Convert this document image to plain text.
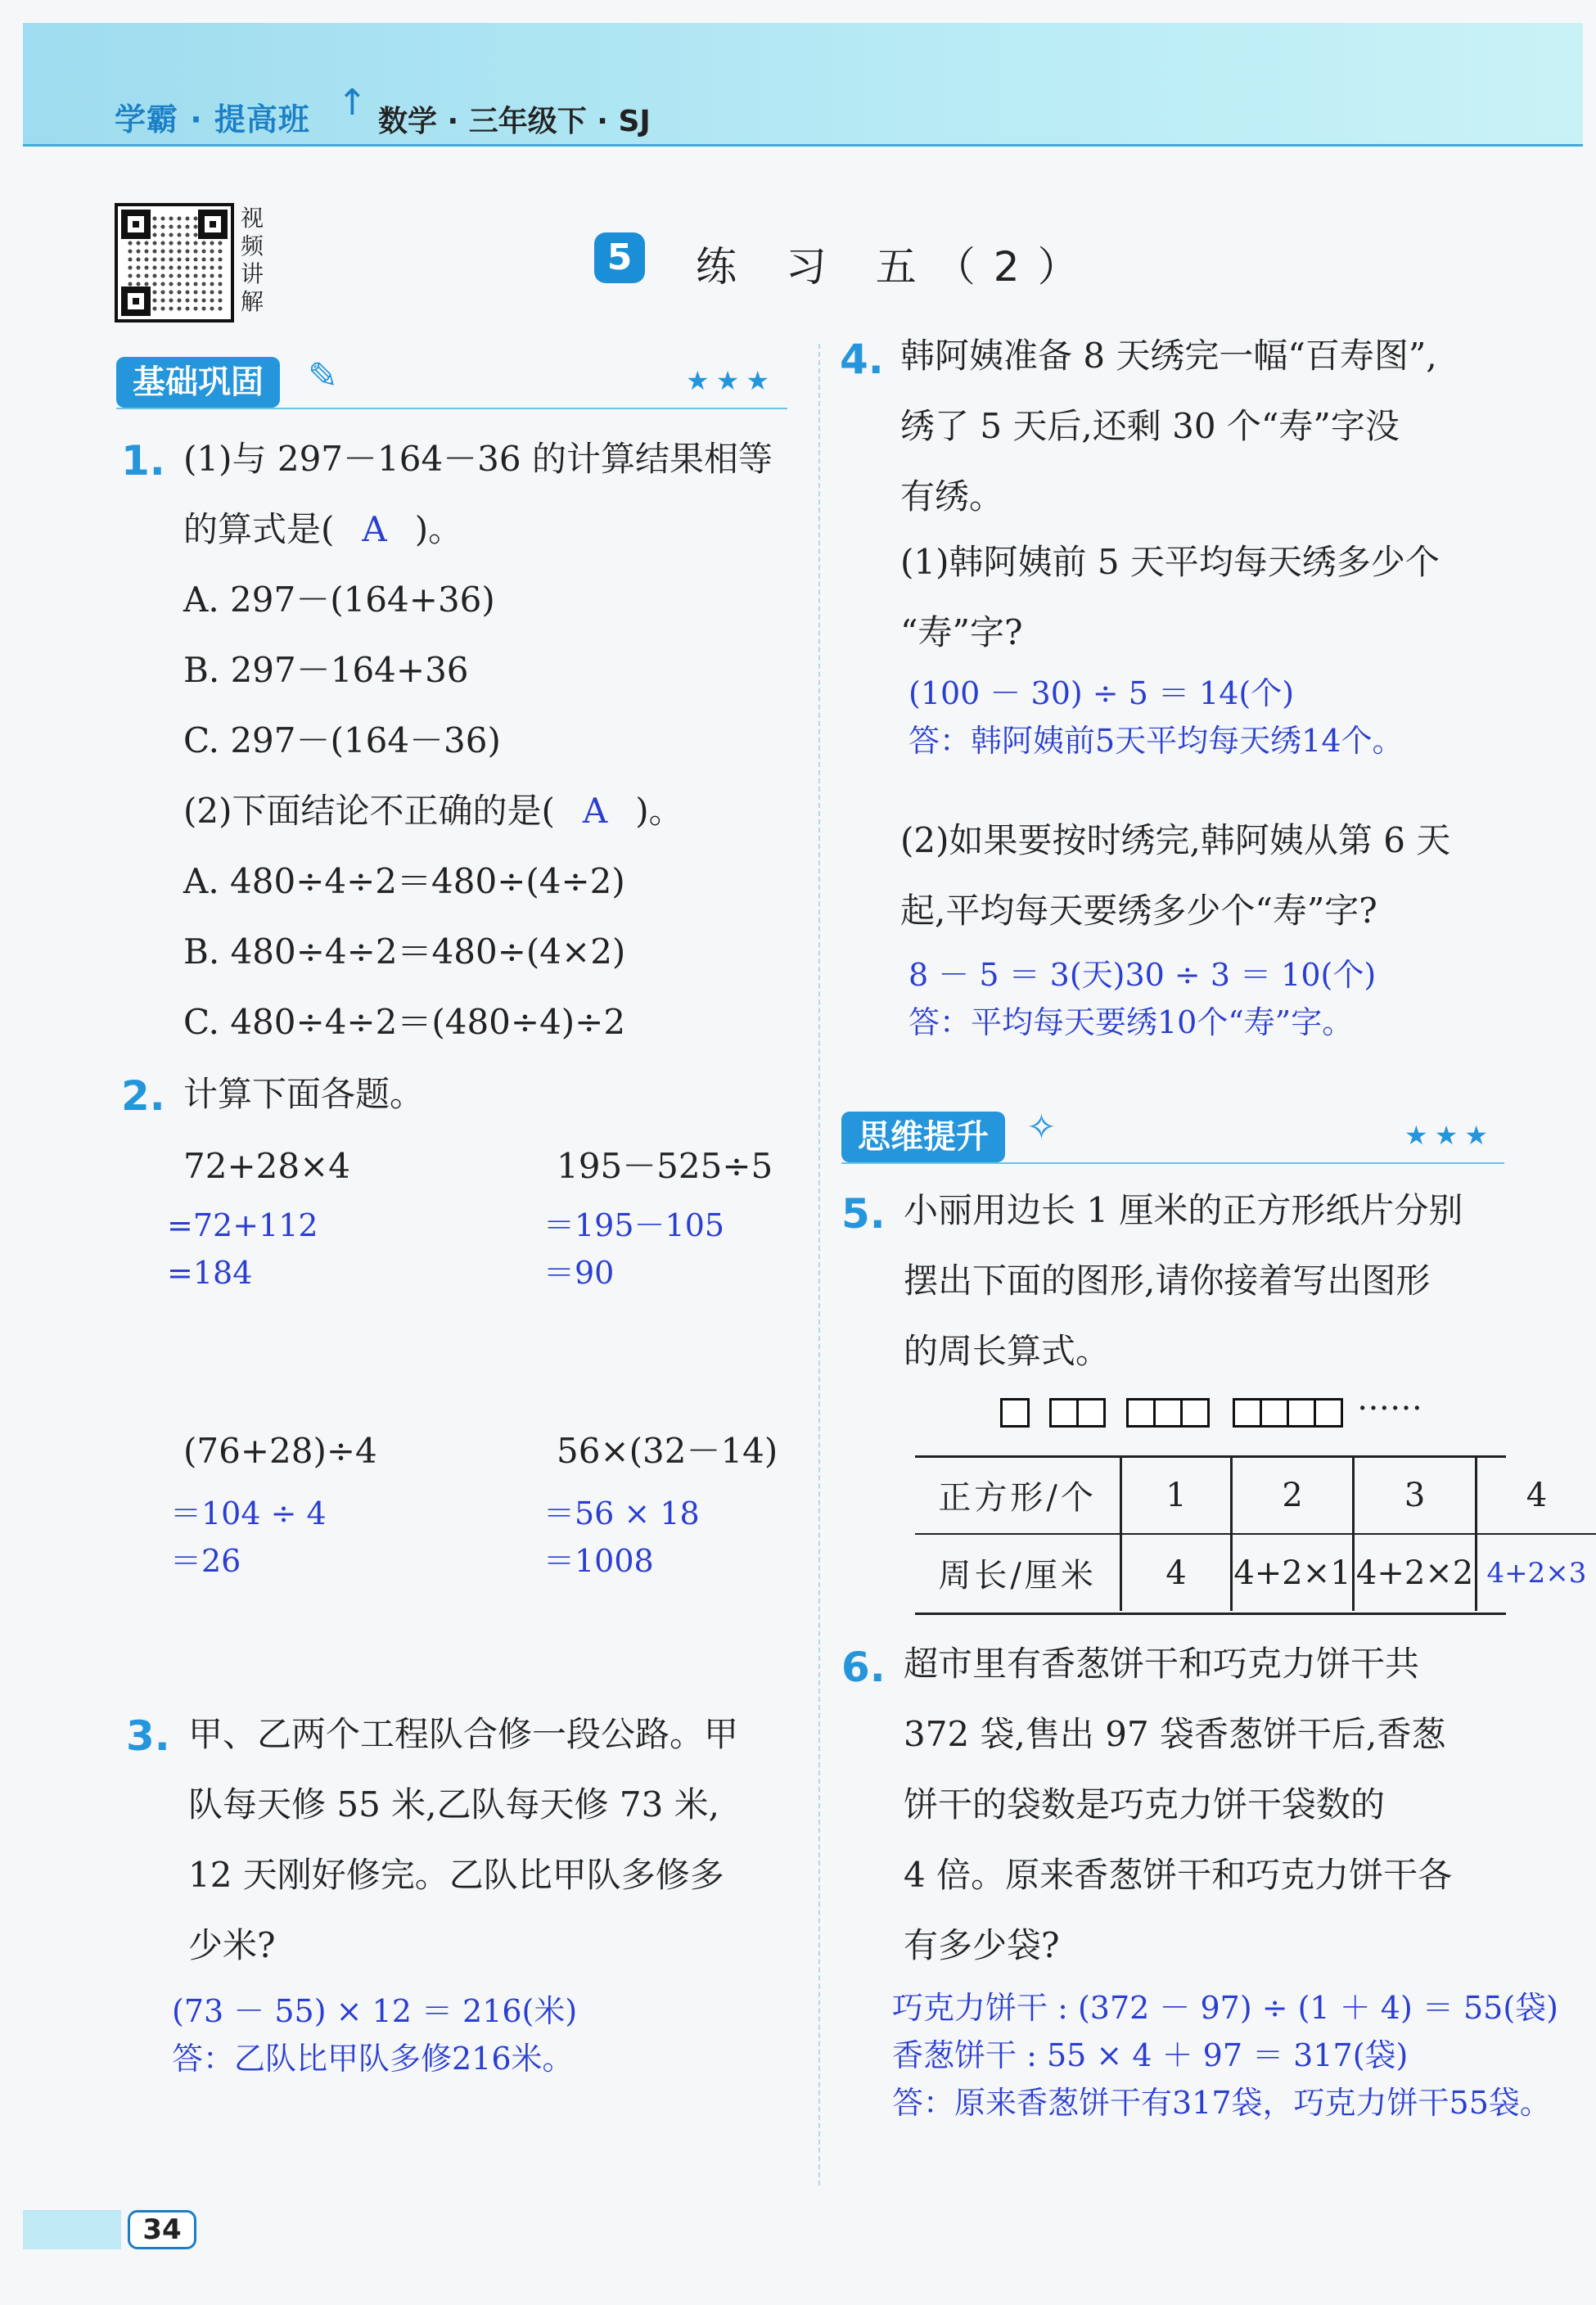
学霸 · 提高班 ↑ 数学 · 三年级下 · SJ
视频讲解
5	练 习 五（2）
基础巩固	✎	★★★
1. (1)与 297－164－36 的计算结果相等
的算式是( A )。
A. 297－(164+36)
B. 297－164+36
C. 297－(164－36)
(2)下面结论不正确的是( A )。
A. 480÷4÷2＝480÷(4÷2)
B. 480÷4÷2＝480÷(4×2)
C. 480÷4÷2＝(480÷4)÷2
2. 计算下面各题。
72+28×4
=72+112
=184
195－525÷5
＝195－105
＝90
(76+28)÷4
＝104 ÷ 4
＝26
56×(32－14)
＝56 × 18
＝1008
3. 甲、乙两个工程队合修一段公路。甲
队每天修 55 米,乙队每天修 73 米,
12 天刚好修完。乙队比甲队多修多
少米?
(73 － 55) × 12 ＝ 216(米)
答：乙队比甲队多修216米。
4. 韩阿姨准备 8 天绣完一幅“百寿图”,
绣了 5 天后,还剩 30 个“寿”字没
有绣。
(1)韩阿姨前 5 天平均每天绣多少个
“寿”字?
(100 － 30) ÷ 5 ＝ 14(个)
答：韩阿姨前5天平均每天绣14个。
(2)如果要按时绣完,韩阿姨从第 6 天
起,平均每天要绣多少个“寿”字?
8 － 5 ＝ 3(天)30 ÷ 3 ＝ 10(个)
答：平均每天要绣10个“寿”字。
思维提升	✧	★★★
5. 小丽用边长 1 厘米的正方形纸片分别
摆出下面的图形,请你接着写出图形
的周长算式。
……
正方形/个	1	2	3	4
周长/厘米	4	4+2×1	4+2×2	4+2×3
6. 超市里有香葱饼干和巧克力饼干共
372 袋,售出 97 袋香葱饼干后,香葱
饼干的袋数是巧克力饼干袋数的
4 倍。原来香葱饼干和巧克力饼干各
有多少袋?
巧克力饼干 : (372 － 97) ÷ (1 ＋ 4) ＝ 55(袋)
香葱饼干 : 55 × 4 ＋ 97 ＝ 317(袋)
答：原来香葱饼干有317袋，巧克力饼干55袋。
34
